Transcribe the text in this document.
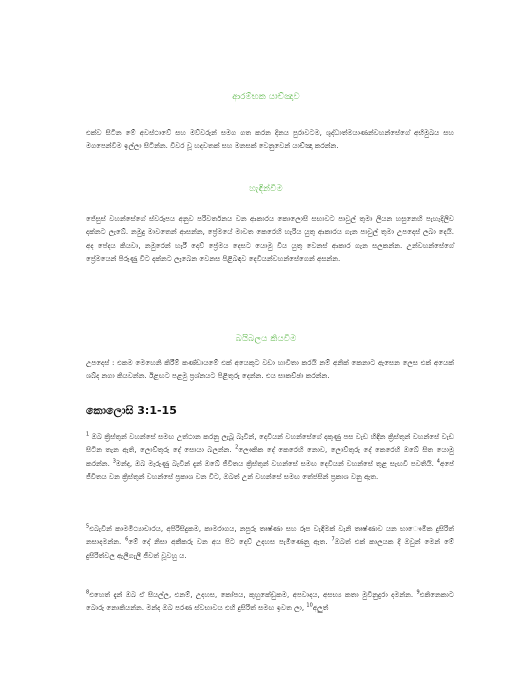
ආරම්භක යාච්ඤාව
එක්ව සිටින මේ අවස්ථාවේ සහ මව්වරුන් සමග ගත කරන දිනය පුරාවටම, ශුද්ධාත්මයාණන්වහන්සේගේ අභිමුඛය සහ මගපෙන්වීම ඉල්ලා සිටින්න. විවර වූ හදවතක් සහ මනසක් වෙනුවෙන් යාච්ඤා කරන්න.
හැඳින්වීම
ජේසුස් වහන්සේගේ ස්වරූපය අනුව පරිවර්තනය වන ආකාරය කොලොසි සභාවට පාවුල් තුමා ලියන හසුනෙහි පැහැදිලිව දක්නට ලැබේ. නමුදු මාවතෙන් ආසන්න, ප්‍රේමයේ මාවත කෙරෙහි හැරිය යුතු ආකාරය ගැන පාවුල් තුමා උපදෙස් ලබා දෙයි. අද පේදය කියවා, නමුරෙන් හැරී දෙව් ප්‍රේමය දෙසට යොමු විය යුතු වෙනස් ආකාර ගැන සලකන්න. උන්වහන්සේගේ ප්‍රේමයෙන් පිරුණු විට දක්නට ලැබෙන වෙනස පිළිබඳව දෙවියන්වහන්සේගෙන් අසන්න.
බයිබලය කියවීම
උපදෙස් : එකම මෙහෙනි කිරීම් කණ්ඩායමේ එක් අයෙකුට වඩා හාවිතා කරයි නම් අනික් කෙනාට ඇසෙන ලෙස එක් අයෙක් ශබ්ද නගා කියවන්න. ඊළඟට පළමු ප්‍රශ්නයට පිළිතුරු දෙන්න. එය සාකච්ඡා කරන්න.
කොලොසි 3:1-15
$^1$ ඔබ ක්‍රිස්තුන් වහන්සේ සමඟ උත්ථාන කරනු ලැබූ බැවින්, දෙවියන් වහන්සේගේ දකුණු පස වැඩ හිඳින ක්‍රිස්තුන් වහන්සේ වැඩ සිටින තැන ඇති, ලොව්තුරු දේ සොයා බලන්න. $^2$ලෞකික දේ කෙරෙහි නොව, ලොව්තුරු දේ කෙරෙහි ඔබේ සිත යොමු කරන්න. $^3$මන්ද, ඔබ මැරුණු බැවින් දැන් ඔබේ ජීවිතය ක්‍රිස්තුන් වහන්සේ සමඟ දෙවියන් වහන්සේ තුළ සැඟවී පවතියි. $^4$අපේ ජීවිතය වන ක්‍රිස්තුන් වහන්සේ ප්‍රකාශ වන විට, ඔබත් උන් වහන්සේ සමඟ තේජසින් ප්‍රකාශ වනු ඇත.
$^5$එබැවින් කාමමිථ්‍යාචාරය, අපිරිසිදුකම, කාමරාගය, නපුරු තෘෂ්ණා සහ රූප වැඳීමක් වැනි තෘෂ්ණාව යන භාෞමික දුසිරිත් නසාදමන්න. $^6$මේ දේ නිසා අකීකරු වන අය පිට දෙව් උදහස පැමිණෙනු ඇත. $^7$ඔබත් එක් කාලයක දී ඔවුන් මෙන් මේ දුසිරිත්වල ඇලීගැලී ජීවත් වූවහු ය.
$^8$එහෙත් දැන් ඔබ ඒ සියල්ල, එනම්, උදහස, කෝපය, කුහුකේඩුකම, අපවාදය, අසභ්‍ය කතා මුවිනුදුරා දමන්න. $^9$එකිනෙකාට බොරු නොකියන්න. මන්ද ඔබ පරණ ස්වභාවය එහි දුසිරිත් සමඟ ඉවත ලා, $^{10}$අලුත්
